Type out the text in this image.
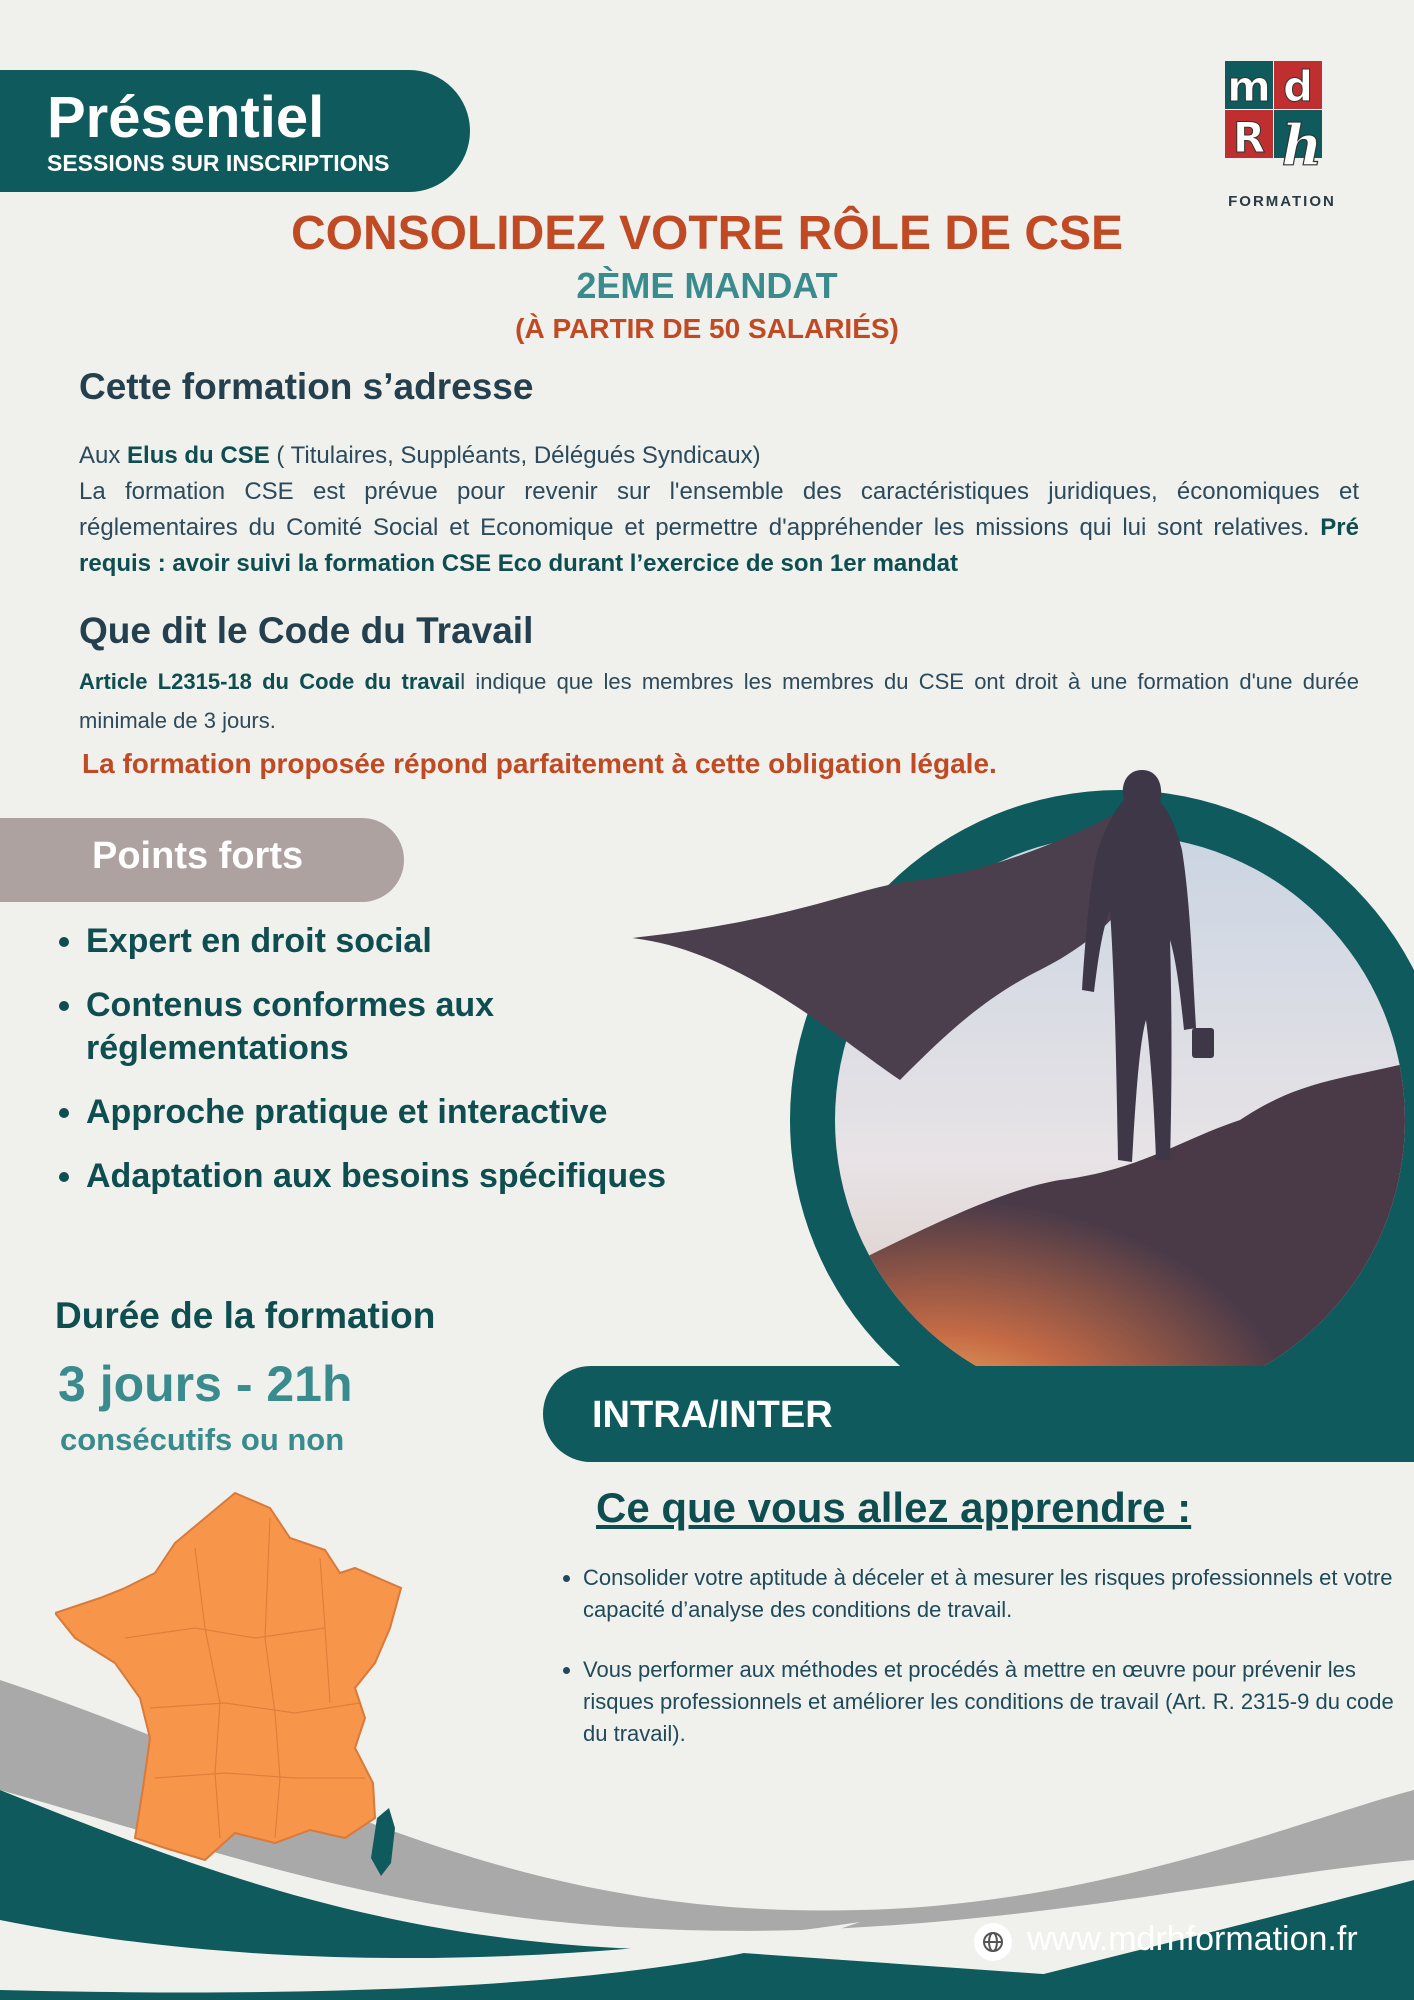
Présentiel
SESSIONS SUR INSCRIPTIONS
m d
R h
FORMATION
CONSOLIDEZ VOTRE RÔLE DE CSE
2ÈME MANDAT
(À PARTIR DE 50 SALARIÉS)
Cette formation s’adresse
Aux Elus du CSE ( Titulaires, Suppléants, Délégués Syndicaux)
La formation CSE est prévue pour revenir sur l'ensemble des caractéristiques juridiques, économiques et réglementaires du Comité Social et Economique et permettre d'appréhender les missions qui lui sont relatives. Pré requis : avoir suivi la formation CSE Eco durant l’exercice de son 1er mandat
Que dit le Code du Travail
Article L2315-18 du Code du travail indique que les membres les membres du CSE ont droit à une formation d'une durée minimale de 3 jours.
La formation proposée répond parfaitement à cette obligation légale.
Points forts
• Expert en droit social
• Contenus conformes aux réglementations
• Approche pratique et interactive
• Adaptation aux besoins spécifiques
Durée de la formation
3 jours - 21h
consécutifs ou non
INTRA/INTER
Ce que vous allez apprendre :
• Consolider votre aptitude à déceler et à mesurer les risques professionnels et votre capacité d’analyse des conditions de travail.
• Vous performer aux méthodes et procédés à mettre en œuvre pour prévenir les risques professionnels et améliorer les conditions de travail (Art. R. 2315-9 du code du travail).
www.mdrhformation.fr
